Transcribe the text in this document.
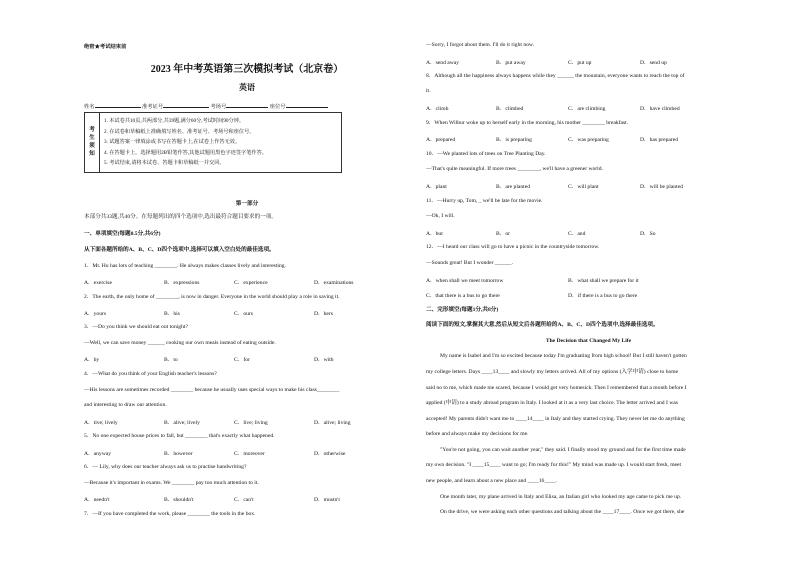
绝密★考试结束前
2023 年中考英语第三次模拟考试（北京卷）
英语
姓名	准考证号	考场号	座位号
考
生
须
知

1. 本试卷共10页,共两部分,共39题,满分60分,考试时间90分钟。
2. 在试卷和草稿纸上准确填写姓名、准考证号、考场号和座位号。
3. 试题答案一律填涂或书写在答题卡上,在试卷上作答无效。
4. 在答题卡上，选择题用2B铅笔作答,其他试题用黑色字迹签字笔作答。
5. 考试结束,请将本试卷、答题卡和草稿纸一并交回。
第一部分
本部分共33题,共40分。在每题列出的四个选项中,选出最符合题目要求的一项。
一、单项填空(每题0.5分,共6分)
从下面各题所给的A、B、C、D四个选项中,选择可以填入空白处的最佳选项。
1．Mr. Hu has lots of teaching ________. He always makes classes lively and interesting.
A．exercise	B．expressions	C．experience	D．examinations
2．The earth, the only home of ________, is now in danger. Everyone in the world should play a role in saving it.
A．yours	B．his	C．ours	D．hers
3．—Do you think we should eat out tonight?
—Well, we can save money ______ cooking our own meals instead of eating outside.
A．by	B．to	C．for	D．with
4．—What do you think of your English teacher's lessons?
—His lessons are sometimes recorded ________ because he usually uses special ways to make his class________
and interesting to draw our attention.
A．tive; lively	B．alive; lively	C．live; living	D．alive; living
5．No one expected house prices to fall, but ________ that's exactly what happened.
A．anyway	B．however	C．moreover	D．otherwise
6．— Lily, why does our teacher always ask us to practise handwriting?
—Because it's important in exams. We ________ pay too much attention to it.
A．needn't	B．shouldn't	C．can't	D．mustn't
7．—If you have completed the work, please ________ the tools in the box.
—Sorry, I forgot about them. I'll do it right now.
A．send away	B．put away	C．put up	D．send up
8．Although all the happiness always happens while they ______ the mountain, everyone wants to reach the top of
it.
A．climb	B．climbed	C．are climbing	D．have climbed
9．When Wilbur woke up to herself early in the morning, his mother ________ breakfast.
A．prepared	B．is preparing	C．was preparing	D．has prepared
10．—We planted lots of trees on Tree Planting Day.
—That's quite meaningful. If more trees ________, we'll have a greener world.
A．plant	B．are planted	C．will plant	D．will be planted
11．—Hurry up, Tom, _ we'll be late for the movie.
—Ok, I will.
A．but	B．or	C．and	D．So
12．—I heard our class will go to have a picnic in the countryside tomorrow.
—Sounds great! But I wonder ______.
A．when shall we meet tomorrow	B．what shall we prepare for it
C．that there is a bus to go there	D．if there is a bus to go there
二、完形填空(每题1分,共8分)
阅读下面的短文,掌握其大意,然后从短文后各题所给的A、B、C、D四个选项中,选择最佳选项。
The Decision that Changed My Life
My name is Isabel and I'm so excited because today I'm graduating from high school! But I still haven't gotten
my college letters. Days ____13____ and slowly my letters arrived. All of my options (入学申请) close to home
said no to me, which made me scared, because I would get very homesick. Then I remembered that a month before I
applied (申请) to a study abroad program in Italy. I looked at it as a very last choice. The letter arrived and I was
accepted! My parents didn't want me to ____14____ in Italy and they started crying. They never let me do anything
before and always make my decisions for me.
"You're not going, you can wait another year," they said. I finally stood my ground and for the first time made
my own decision. "I ____15____ want to go; I'm ready for this!" My mind was made up. I would start fresh, meet
new people, and learn about a new place and ____16____.
One month later, my plane arrived in Italy and Elisa, an Italian girl who looked my age came to pick me up.
On the drive, we were asking each other questions and talking about the ____17____. Once we got there, she
